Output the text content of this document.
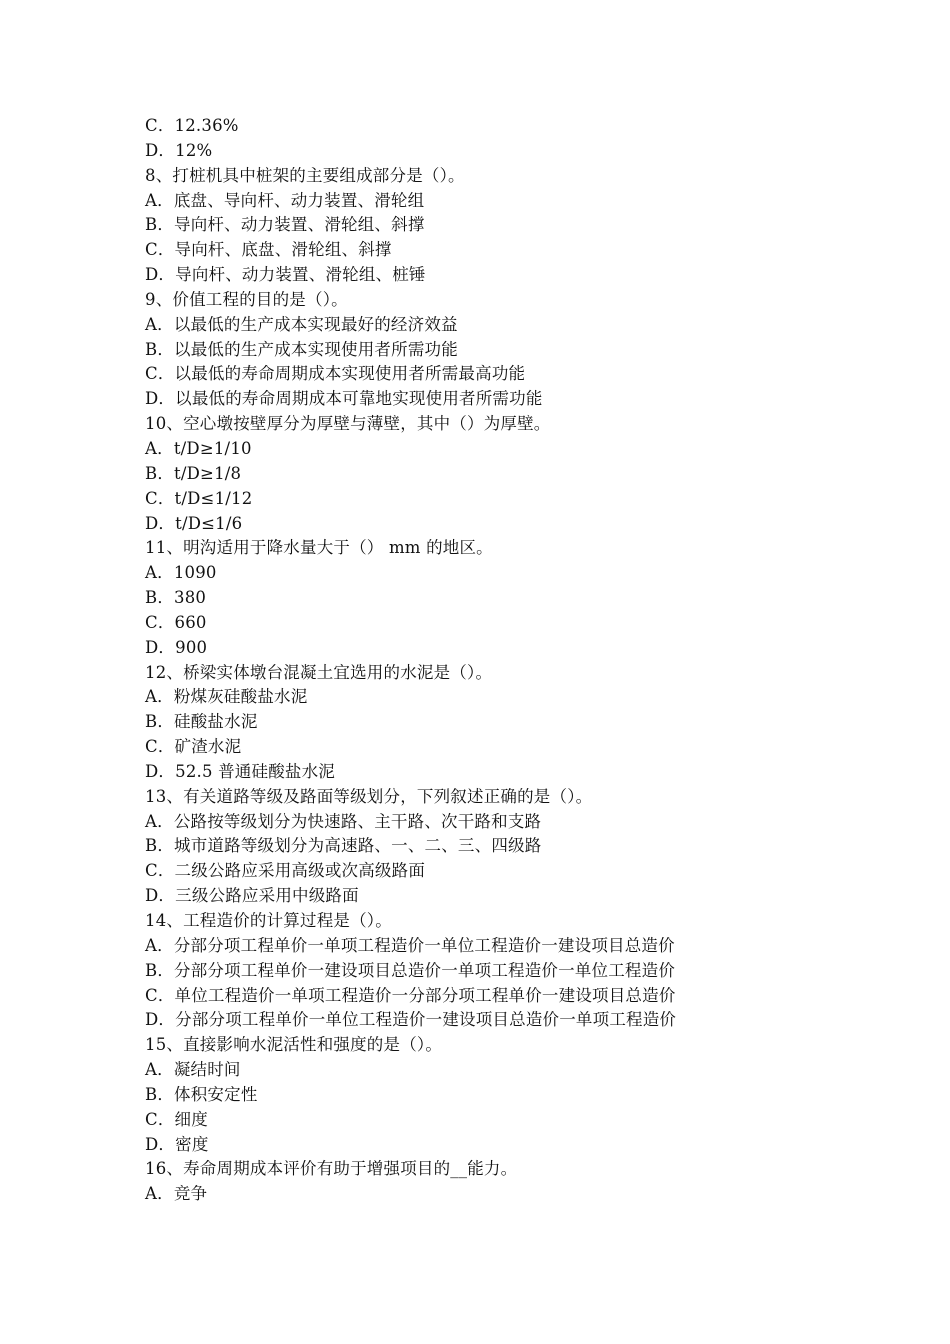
C．12.36%
D．12%
8、打桩机具中桩架的主要组成部分是（）。
A．底盘、导向杆、动力装置、滑轮组
B．导向杆、动力装置、滑轮组、斜撑
C．导向杆、底盘、滑轮组、斜撑
D．导向杆、动力装置、滑轮组、桩锤
9、价值工程的目的是（）。
A．以最低的生产成本实现最好的经济效益
B．以最低的生产成本实现使用者所需功能
C．以最低的寿命周期成本实现使用者所需最高功能
D．以最低的寿命周期成本可靠地实现使用者所需功能
10、空心墩按壁厚分为厚壁与薄壁，其中（）为厚壁。
A．t/D≥1/10
B．t/D≥1/8
C．t/D≤1/12
D．t/D≤1/6
11、明沟适用于降水量大于（） mm 的地区。
A．1090
B．380
C．660
D．900
12、桥梁实体墩台混凝土宜选用的水泥是（）。
A．粉煤灰硅酸盐水泥
B．硅酸盐水泥
C．矿渣水泥
D．52.5 普通硅酸盐水泥
13、有关道路等级及路面等级划分，下列叙述正确的是（）。
A．公路按等级划分为快速路、主干路、次干路和支路
B．城市道路等级划分为高速路、一、二、三、四级路
C．二级公路应采用高级或次高级路面
D．三级公路应采用中级路面
14、工程造价的计算过程是（）。
A．分部分项工程单价一单项工程造价一单位工程造价一建设项目总造价
B．分部分项工程单价一建设项目总造价一单项工程造价一单位工程造价
C．单位工程造价一单项工程造价一分部分项工程单价一建设项目总造价
D．分部分项工程单价一单位工程造价一建设项目总造价一单项工程造价
15、直接影响水泥活性和强度的是（）。
A．凝结时间
B．体积安定性
C．细度
D．密度
16、寿命周期成本评价有助于增强项目的__能力。
A．竞争
